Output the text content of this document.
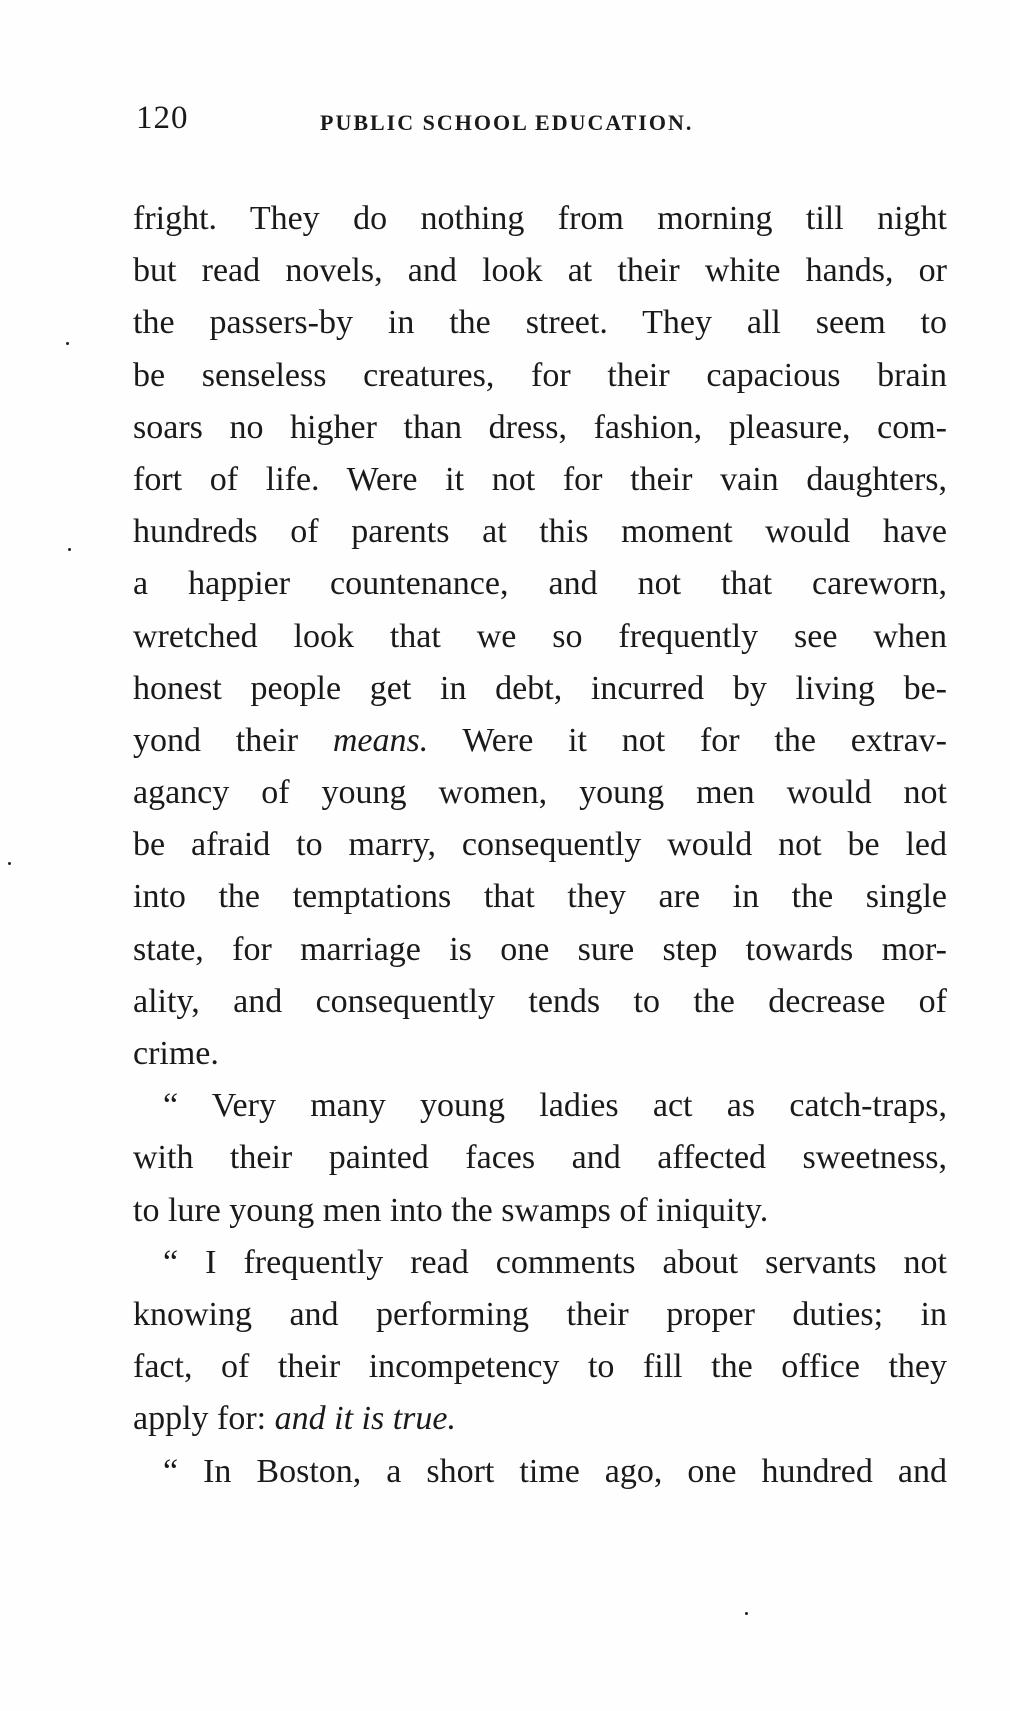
120	PUBLIC SCHOOL EDUCATION.
fright. They do nothing from morning till night
but read novels, and look at their white hands, or
the passers-by in the street. They all seem to
be senseless creatures, for their capacious brain
soars no higher than dress, fashion, pleasure, com-
fort of life. Were it not for their vain daughters,
hundreds of parents at this moment would have
a happier countenance, and not that careworn,
wretched look that we so frequently see when
honest people get in debt, incurred by living be-
yond their means. Were it not for the extrav-
agancy of young women, young men would not
be afraid to marry, consequently would not be led
into the temptations that they are in the single
state, for marriage is one sure step towards mor-
ality, and consequently tends to the decrease of
crime.
“ Very many young ladies act as catch-traps,
with their painted faces and affected sweetness,
to lure young men into the swamps of iniquity.
“ I frequently read comments about servants not
knowing and performing their proper duties; in
fact, of their incompetency to fill the office they
apply for: and it is true.
“ In Boston, a short time ago, one hundred and
